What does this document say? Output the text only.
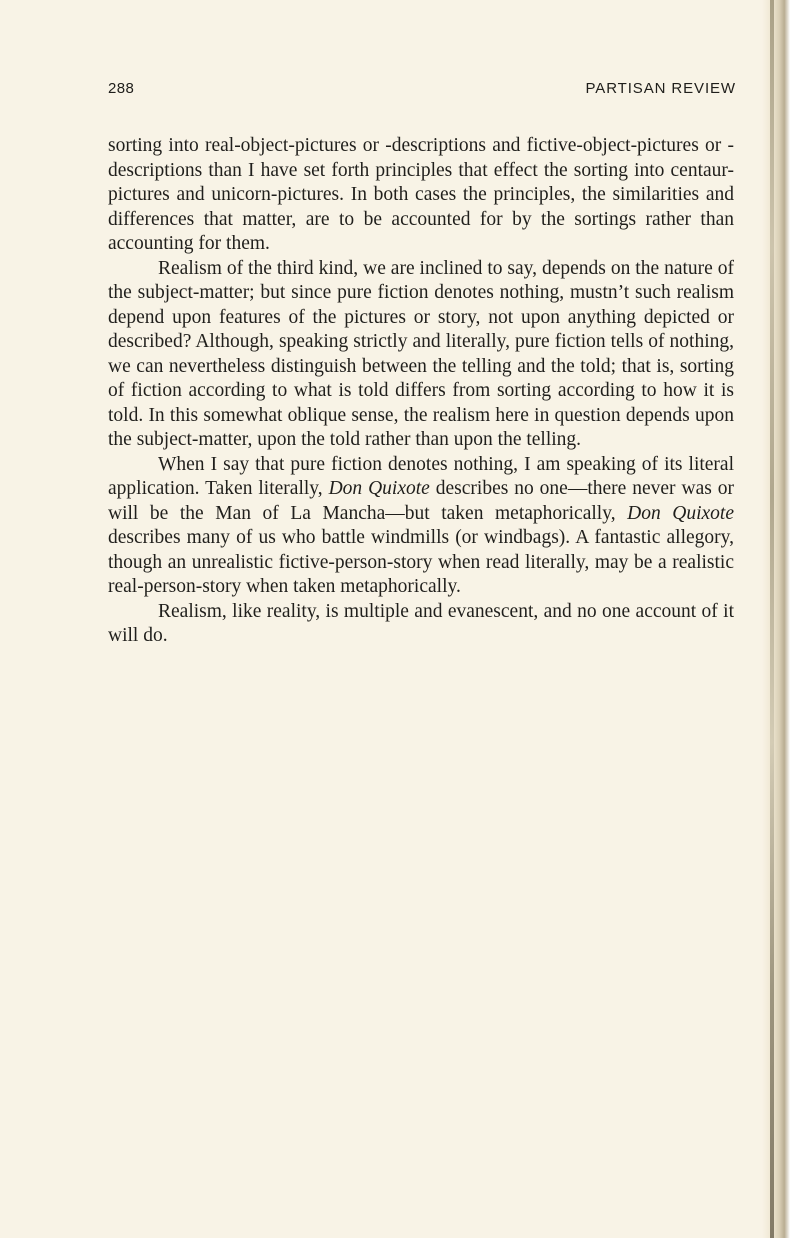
288	PARTISAN REVIEW

sorting into real-object-pictures or -descriptions and fictive-object-pictures or -descriptions than I have set forth principles that effect the sorting into centaur-pictures and unicorn-pictures. In both cases the principles, the similarities and differences that matter, are to be accounted for by the sortings rather than accounting for them.

Realism of the third kind, we are inclined to say, depends on the nature of the subject-matter; but since pure fiction denotes nothing, mustn’t such realism depend upon features of the pictures or story, not upon anything depicted or described? Although, speaking strictly and literally, pure fiction tells of nothing, we can nevertheless distinguish between the telling and the told; that is, sorting of fiction according to what is told differs from sorting according to how it is told. In this somewhat oblique sense, the realism here in question depends upon the subject-matter, upon the told rather than upon the telling.

When I say that pure fiction denotes nothing, I am speaking of its literal application. Taken literally, Don Quixote describes no one—there never was or will be the Man of La Mancha—but taken metaphorically, Don Quixote describes many of us who battle windmills (or windbags). A fantastic allegory, though an unrealistic fictive-person-story when read literally, may be a realistic real-person-story when taken metaphorically.

Realism, like reality, is multiple and evanescent, and no one account of it will do.
